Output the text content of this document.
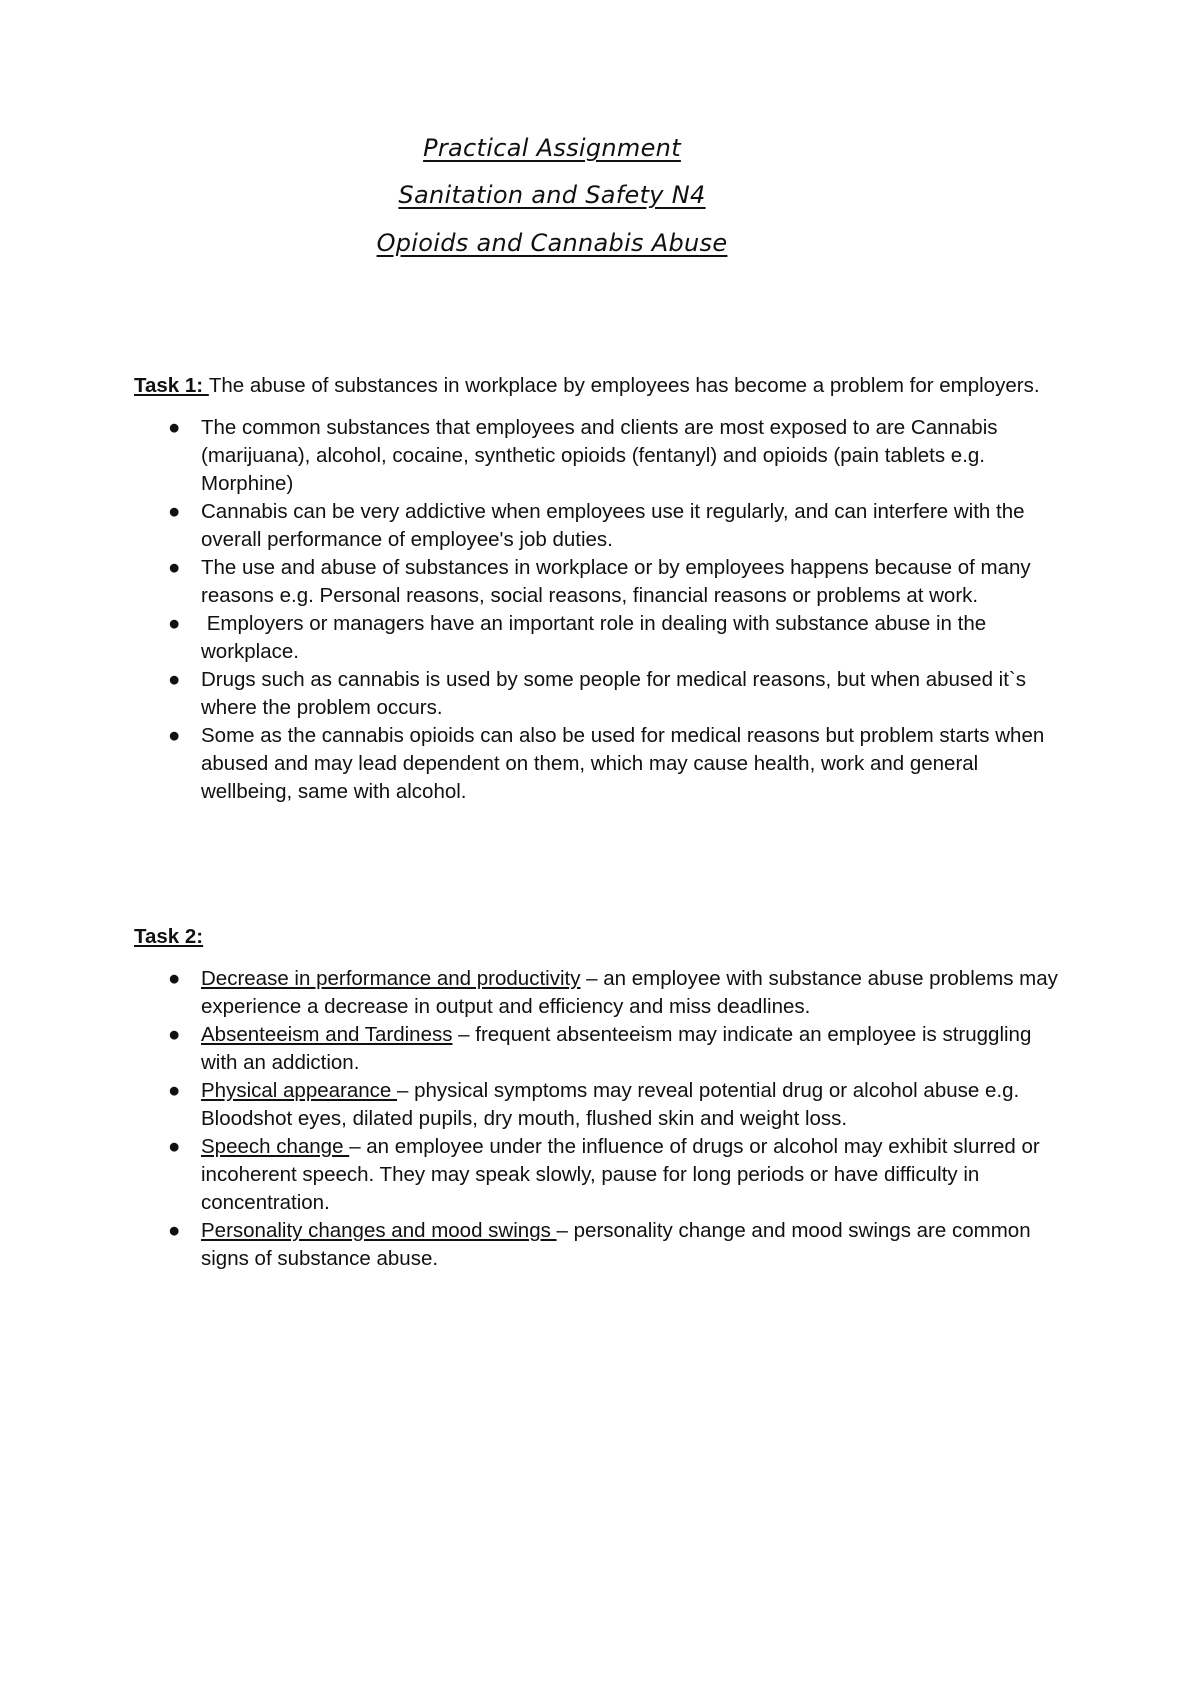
Practical Assignment
Sanitation and Safety N4
Opioids and Cannabis Abuse
Task 1: The abuse of substances in workplace by employees has become a problem for employers.
● The common substances that employees and clients are most exposed to are Cannabis (marijuana), alcohol, cocaine, synthetic opioids (fentanyl) and opioids (pain tablets e.g. Morphine)
● Cannabis can be very addictive when employees use it regularly, and can interfere with the overall performance of employee's job duties.
● The use and abuse of substances in workplace or by employees happens because of many reasons e.g. Personal reasons, social reasons, financial reasons or problems at work.
● Employers or managers have an important role in dealing with substance abuse in the workplace.
● Drugs such as cannabis is used by some people for medical reasons, but when abused it`s where the problem occurs.
● Some as the cannabis opioids can also be used for medical reasons but problem starts when abused and may lead dependent on them, which may cause health, work and general wellbeing, same with alcohol.
Task 2:
● Decrease in performance and productivity – an employee with substance abuse problems may experience a decrease in output and efficiency and miss deadlines.
● Absenteeism and Tardiness – frequent absenteeism may indicate an employee is struggling with an addiction.
● Physical appearance – physical symptoms may reveal potential drug or alcohol abuse e.g. Bloodshot eyes, dilated pupils, dry mouth, flushed skin and weight loss.
● Speech change – an employee under the influence of drugs or alcohol may exhibit slurred or incoherent speech. They may speak slowly, pause for long periods or have difficulty in concentration.
● Personality changes and mood swings – personality change and mood swings are common signs of substance abuse.
